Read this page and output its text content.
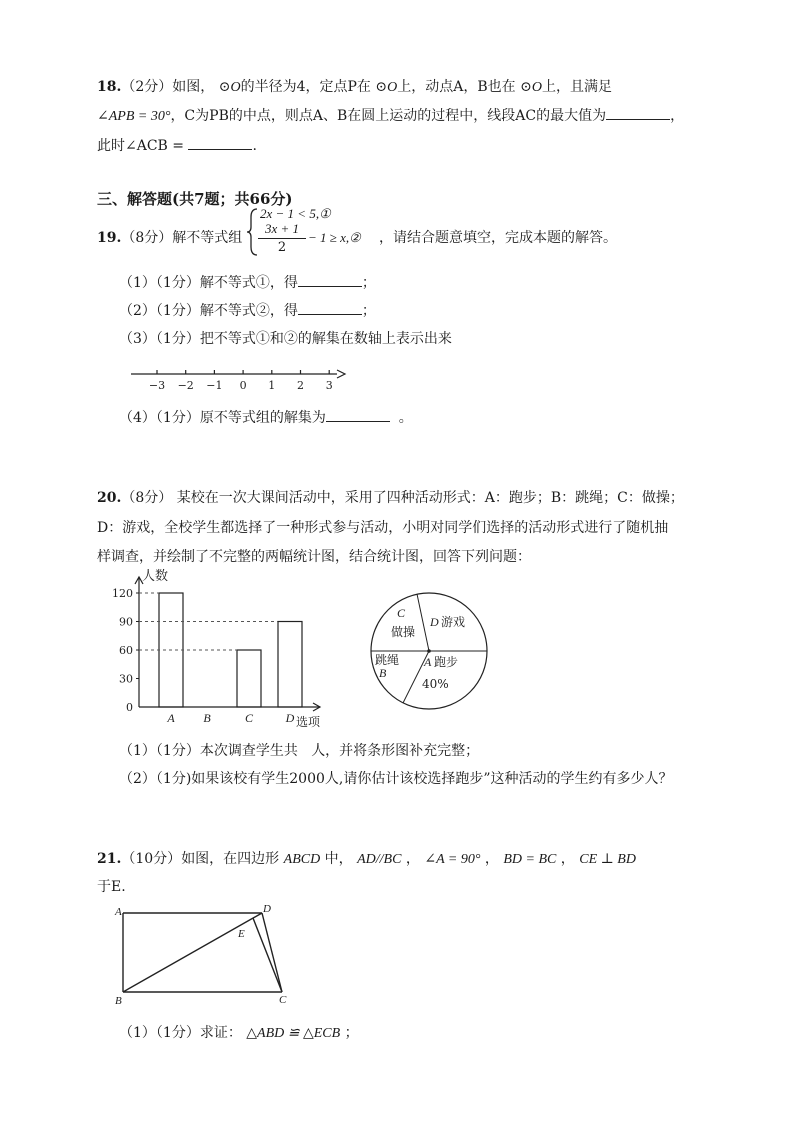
18.（2分）如图， ⊙O的半径为4，定点P在 ⊙O上，动点A，B也在 ⊙O上，且满足
∠APB = 30°，C为PB的中点，则点A、B在圆上运动的过程中，线段AC的最大值为	，
此时∠ACB =	.
三、解答题(共7题；共66分)
19.（8分）解不等式组
2x − 1 < 5,①
3x + 1
2
− 1 ≥ x,② ，请结合题意填空，完成本题的解答。
（1）（1分）解不等式①，得	；
（2）（1分）解不等式②，得	；
（3）（1分）把不等式①和②的解集在数轴上表示出来
−3 −2 −1 0 1 2 3
（4）（1分）原不等式组的解集为	。
20.（8分） 某校在一次大课间活动中，采用了四种活动形式：A：跑步；B：跳绳；C：做操；
D：游戏，全校学生都选择了一种形式参与活动，小明对同学们选择的活动形式进行了随机抽
样调查，并绘制了不完整的两幅统计图，结合统计图，回答下列问题：
人数
0
30
60
90
120
A B	C	D 选项
C
做操
D 游戏
跳绳
B
A 跑步
40%
（1）（1分）本次调查学生共 人，并将条形图补充完整；
（2）（1分)如果该校有学生2000人,请你估计该校选择跑步”这种活动的学生约有多少人？
21.（10分）如图，在四边形 ABCD 中， AD//BC ， ∠A = 90° ， BD = BC ， CE ⊥ BD
于E.
A
B	C
D
E
（1）（1分）求证： △ABD ≌ △ECB ；
